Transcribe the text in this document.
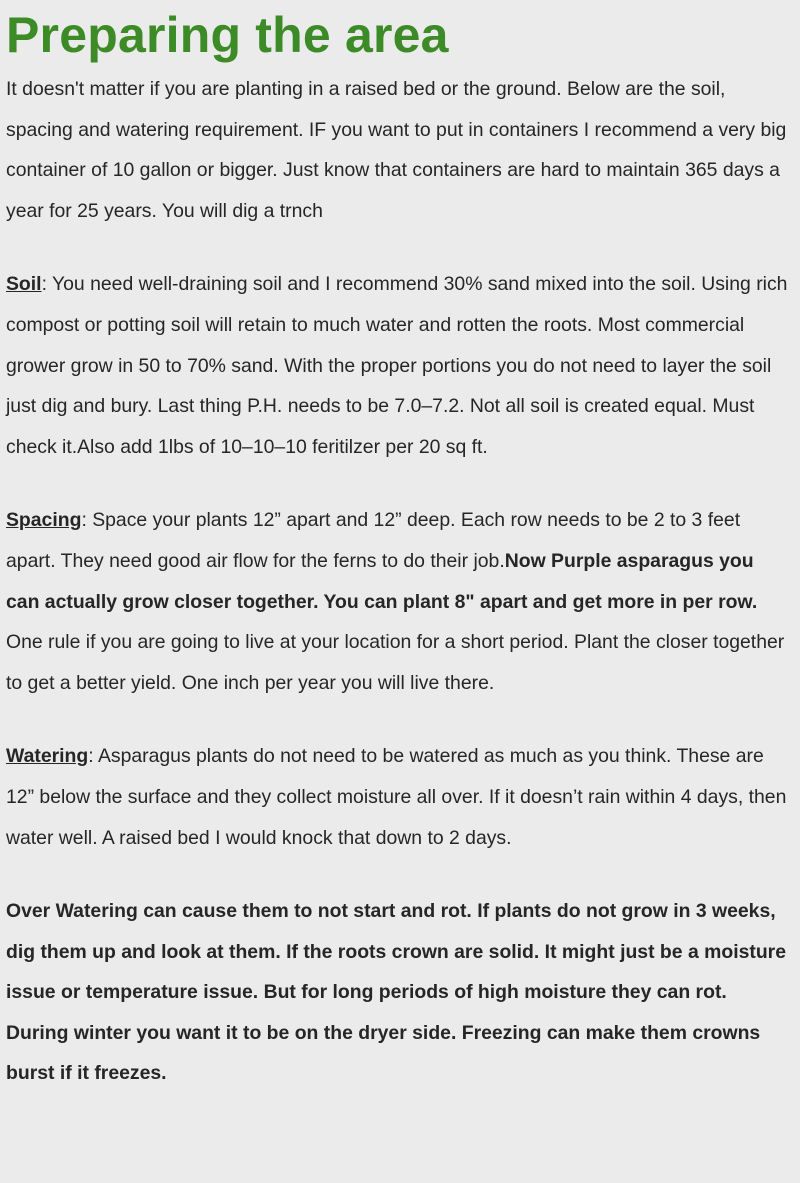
Preparing the area

It doesn't matter if you are planting in a raised bed or the ground. Below are the soil, spacing and watering requirement. IF you want to put in containers I recommend a very big container of 10 gallon or bigger. Just know that containers are hard to maintain 365 days a year for 25 years. You will dig a trnch

Soil: You need well-draining soil and I recommend 30% sand mixed into the soil. Using rich compost or potting soil will retain to much water and rotten the roots. Most commercial grower grow in 50 to 70% sand. With the proper portions you do not need to layer the soil just dig and bury. Last thing P.H. needs to be 7.0–7.2. Not all soil is created equal. Must check it.Also add 1lbs of 10–10–10 feritilzer per 20 sq ft.

Spacing: Space your plants 12” apart and 12” deep. Each row needs to be 2 to 3 feet apart. They need good air flow for the ferns to do their job.Now Purple asparagus you can actually grow closer together. You can plant 8" apart and get more in per row. One rule if you are going to live at your location for a short period. Plant the closer together to get a better yield. One inch per year you will live there.

Watering: Asparagus plants do not need to be watered as much as you think. These are 12” below the surface and they collect moisture all over. If it doesn’t rain within 4 days, then water well. A raised bed I would knock that down to 2 days.

Over Watering can cause them to not start and rot. If plants do not grow in 3 weeks, dig them up and look at them. If the roots crown are solid. It might just be a moisture issue or temperature issue. But for long periods of high moisture they can rot. During winter you want it to be on the dryer side. Freezing can make them crowns burst if it freezes.
